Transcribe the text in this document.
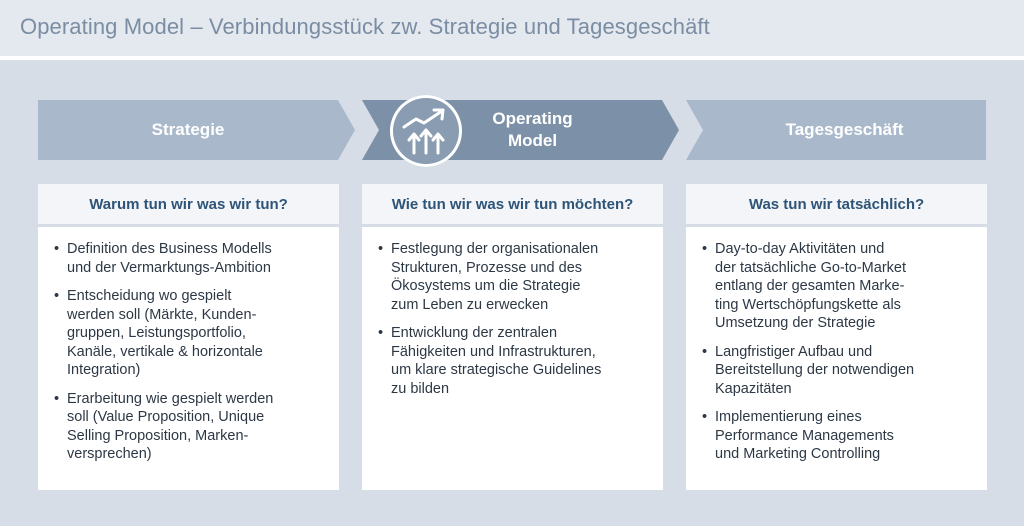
Operating Model – Verbindungsstück zw. Strategie und Tagesgeschäft
Strategie
Operating
Model
Tagesgeschäft
Warum tun wir was wir tun?
• Definition des Business Modells
und der Vermarktungs-Ambition
• Entscheidung wo gespielt
werden soll (Märkte, Kunden-
gruppen, Leistungsportfolio,
Kanäle, vertikale & horizontale
Integration)
• Erarbeitung wie gespielt werden
soll (Value Proposition, Unique
Selling Proposition, Marken-
versprechen)
Wie tun wir was wir tun möchten?
• Festlegung der organisationalen
Strukturen, Prozesse und des
Ökosystems um die Strategie
zum Leben zu erwecken
• Entwicklung der zentralen
Fähigkeiten und Infrastrukturen,
um klare strategische Guidelines
zu bilden
Was tun wir tatsächlich?
• Day-to-day Aktivitäten und
der tatsächliche Go-to-Market
entlang der gesamten Marke-
ting Wertschöpfungskette als
Umsetzung der Strategie
• Langfristiger Aufbau und
Bereitstellung der notwendigen
Kapazitäten
• Implementierung eines
Performance Managements
und Marketing Controlling
